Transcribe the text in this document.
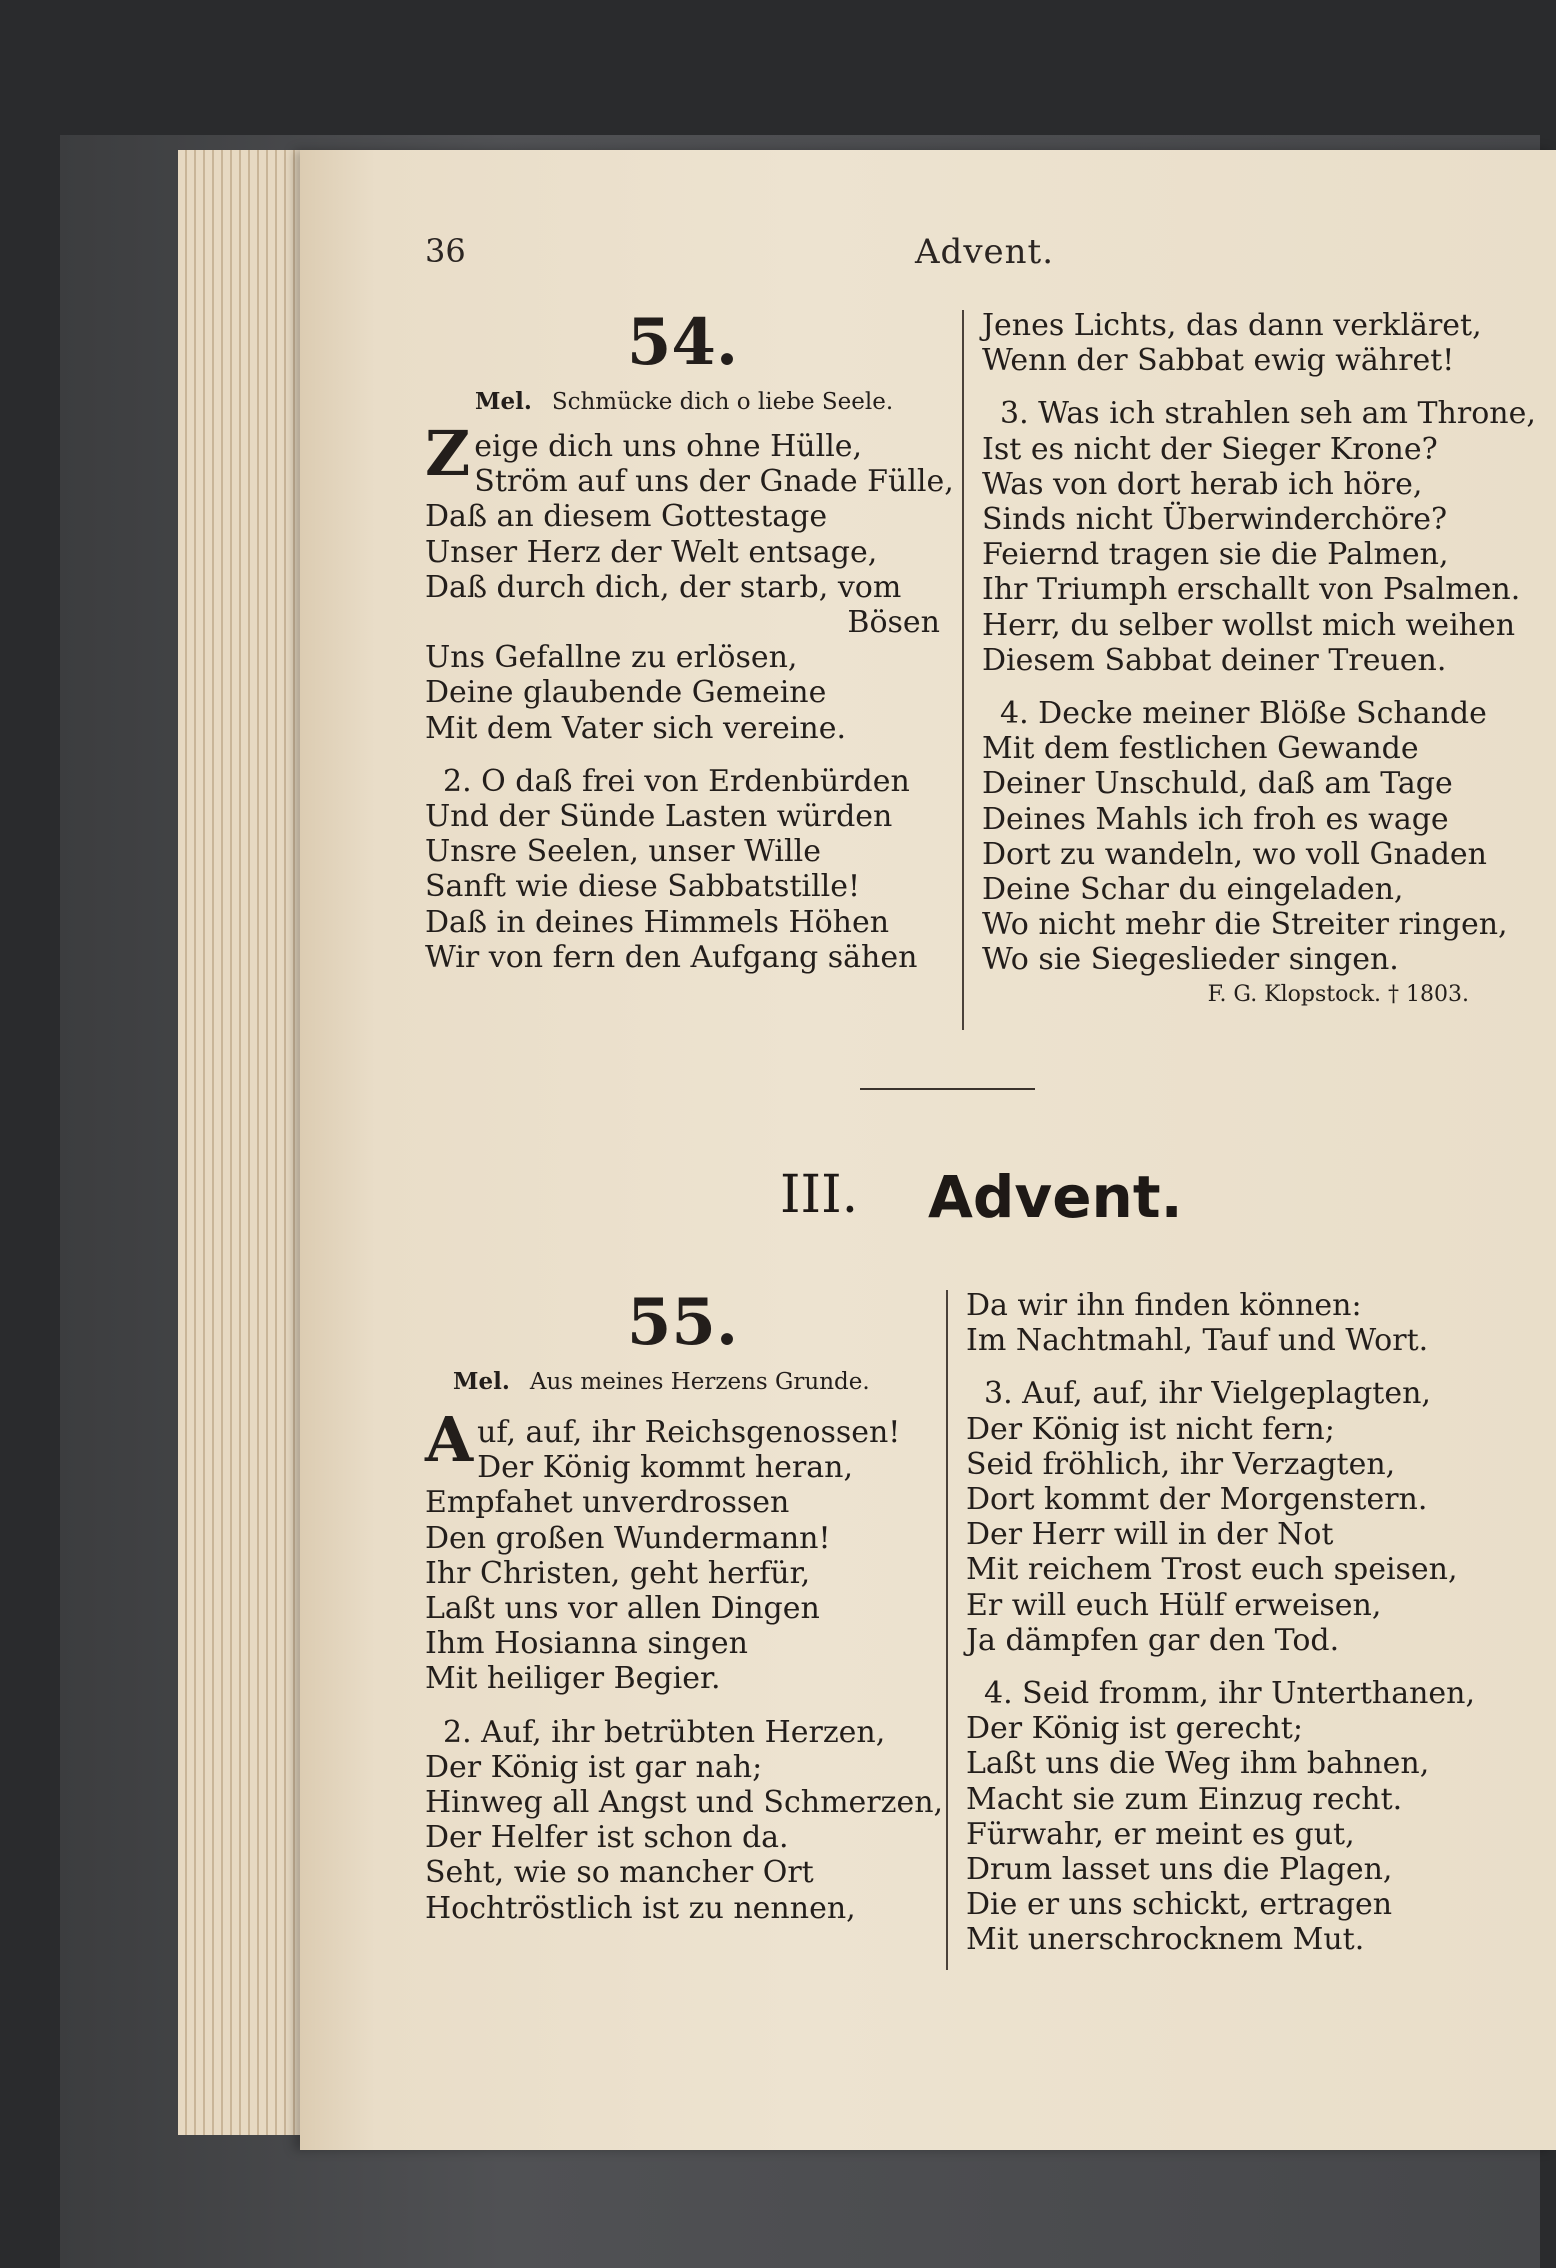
36	Advent.
54.
Mel. Schmücke dich o liebe Seele.
Zeige dich uns ohne Hülle,
Ström auf uns der Gnade Fülle,
Daß an diesem Gottestage
Unser Herz der Welt entsage,
Daß durch dich, der starb, vom
Bösen
Uns Gefallne zu erlösen,
Deine glaubende Gemeine
Mit dem Vater sich vereine.
2. O daß frei von Erdenbürden
Und der Sünde Lasten würden
Unsre Seelen, unser Wille
Sanft wie diese Sabbatstille!
Daß in deines Himmels Höhen
Wir von fern den Aufgang sähen
Jenes Lichts, das dann verkläret,
Wenn der Sabbat ewig währet!
3. Was ich strahlen seh am Throne,
Ist es nicht der Sieger Krone?
Was von dort herab ich höre,
Sinds nicht Überwinderchöre?
Feiernd tragen sie die Palmen,
Ihr Triumph erschallt von Psalmen.
Herr, du selber wollst mich weihen
Diesem Sabbat deiner Treuen.
4. Decke meiner Blöße Schande
Mit dem festlichen Gewande
Deiner Unschuld, daß am Tage
Deines Mahls ich froh es wage
Dort zu wandeln, wo voll Gnaden
Deine Schar du eingeladen,
Wo nicht mehr die Streiter ringen,
Wo sie Siegeslieder singen.
F. G. Klopstock. † 1803.
III. Advent.
55.
Mel. Aus meines Herzens Grunde.
Auf, auf, ihr Reichsgenossen!
Der König kommt heran,
Empfahet unverdrossen
Den großen Wundermann!
Ihr Christen, geht herfür,
Laßt uns vor allen Dingen
Ihm Hosianna singen
Mit heiliger Begier.
2. Auf, ihr betrübten Herzen,
Der König ist gar nah;
Hinweg all Angst und Schmerzen,
Der Helfer ist schon da.
Seht, wie so mancher Ort
Hochtröstlich ist zu nennen,
Da wir ihn finden können:
Im Nachtmahl, Tauf und Wort.
3. Auf, auf, ihr Vielgeplagten,
Der König ist nicht fern;
Seid fröhlich, ihr Verzagten,
Dort kommt der Morgenstern.
Der Herr will in der Not
Mit reichem Trost euch speisen,
Er will euch Hülf erweisen,
Ja dämpfen gar den Tod.
4. Seid fromm, ihr Unterthanen,
Der König ist gerecht;
Laßt uns die Weg ihm bahnen,
Macht sie zum Einzug recht.
Fürwahr, er meint es gut,
Drum lasset uns die Plagen,
Die er uns schickt, ertragen
Mit unerschrocknem Mut.
